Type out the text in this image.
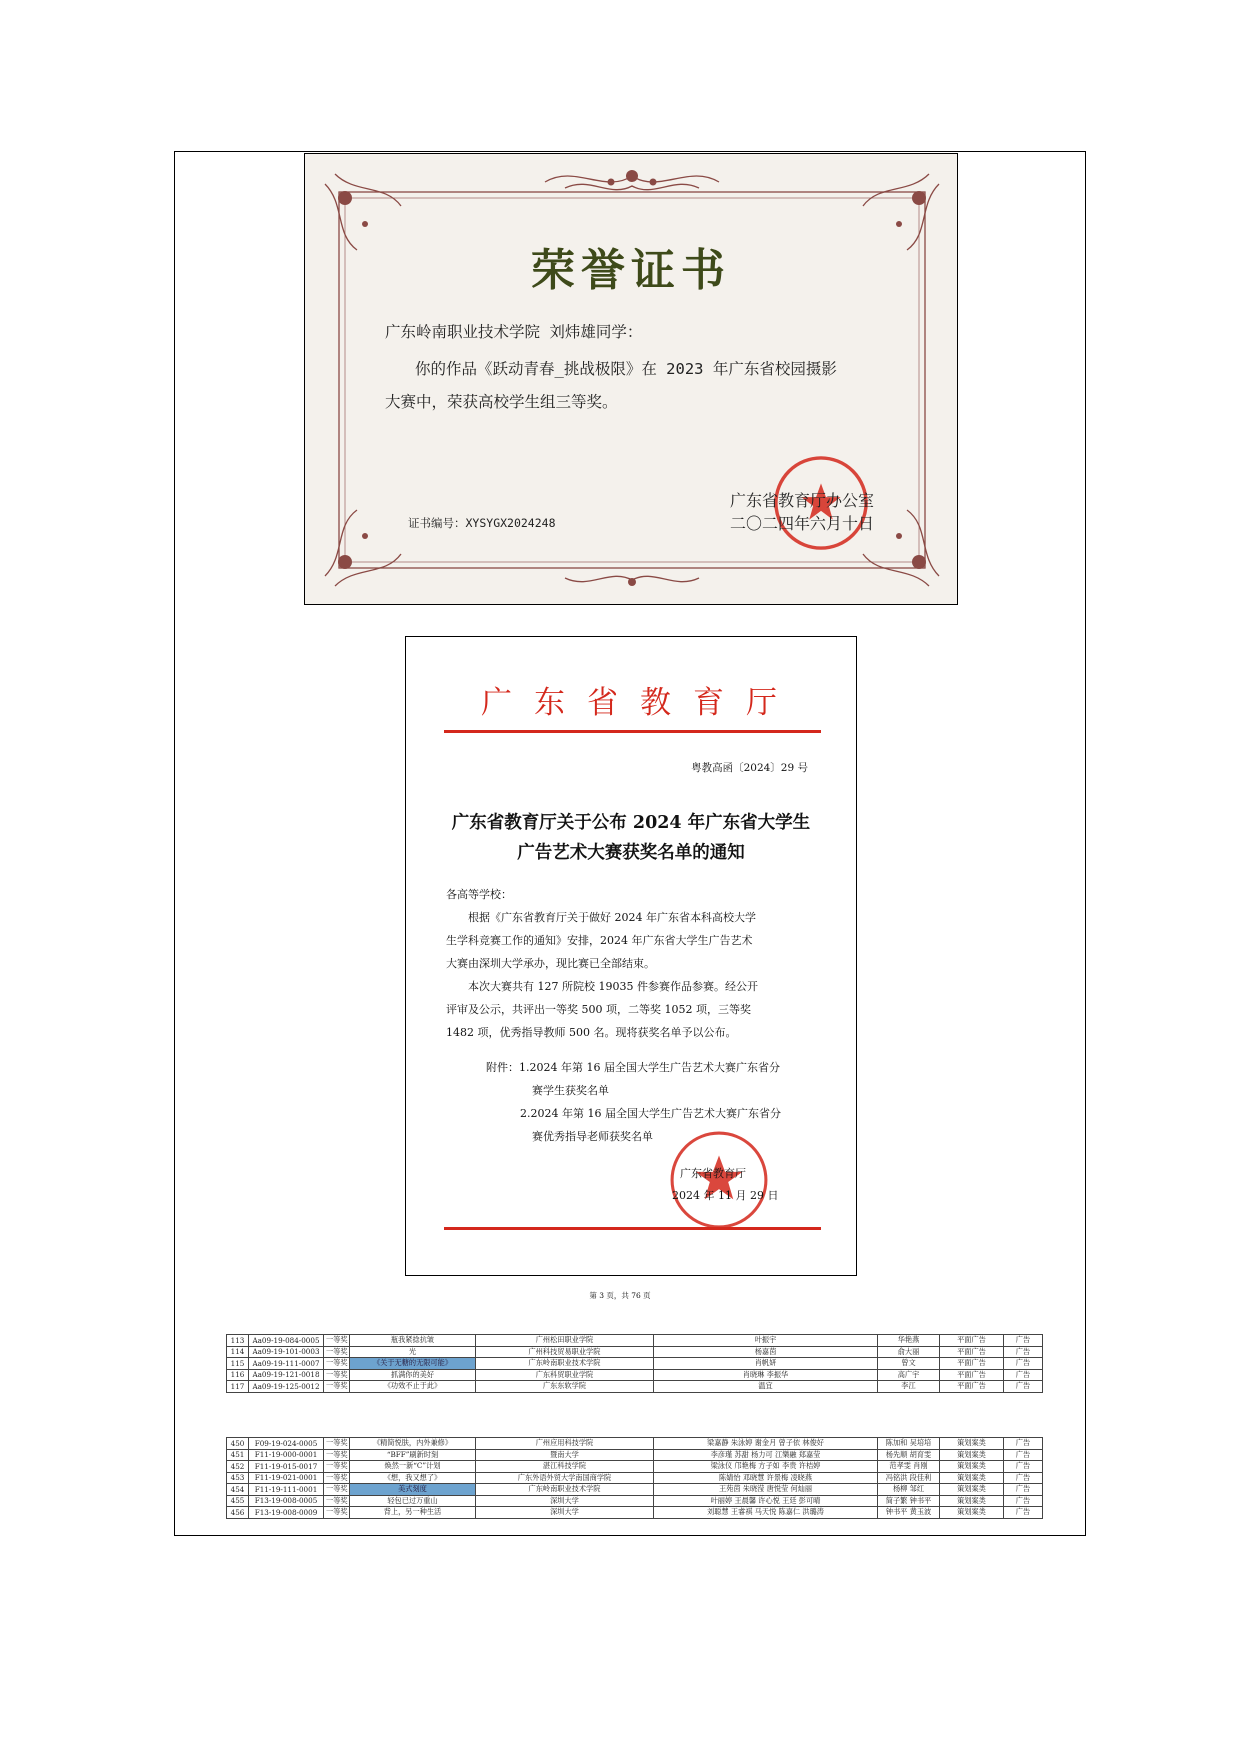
荣誉证书
广东岭南职业技术学院 刘炜雄同学：
你的作品《跃动青春_挑战极限》在 2023 年广东省校园摄影
大赛中，荣获高校学生组三等奖。
证书编号：XYSYGX2024248
广东省教育厅办公室
二〇二四年六月十日
广东省教育厅
粤教高函〔2024〕29 号
广东省教育厅关于公布 2024 年广东省大学生
广告艺术大赛获奖名单的通知
各高等学校：
根据《广东省教育厅关于做好 2024 年广东省本科高校大学
生学科竞赛工作的通知》安排，2024 年广东省大学生广告艺术
大赛由深圳大学承办，现比赛已全部结束。
本次大赛共有 127 所院校 19035 件参赛作品参赛。经公开
评审及公示，共评出一等奖 500 项，二等奖 1052 项，三等奖
1482 项，优秀指导教师 500 名。现将获奖名单予以公布。
附件：1.2024 年第 16 届全国大学生广告艺术大赛广东省分
赛学生获奖名单
2.2024 年第 16 届全国大学生广告艺术大赛广东省分
赛优秀指导老师获奖名单
广东省教育厅
2024 年 11 月 29 日
113	Aa09-19-084-0005	一等奖	瓶我紧捻抗皱	广州松田职业学院	叶振宇	华艳燕	平面广告	广告
114	Aa09-19-101-0003	一等奖	光	广州科技贸易职业学院	杨嘉茵	俞大丽	平面广告	广告
115	Aa09-19-111-0007	一等奖	《关于无糖的无限可能》	广东岭南职业技术学院	肖帆妍	曾文	平面广告	广告
116	Aa09-19-121-0018	一等奖	抓满你的美好	广东科贸职业学院	肖晓琳 李振华	高广宇	平面广告	广告
117	Aa09-19-125-0012	一等奖	《功效不止于此》	广东东软学院	温宜	李江	平面广告	广告
第 3 页，共 76 页
450	F09-19-024-0005	一等奖	《精简悦肤，内外兼修》	广州应用科技学院	梁嘉静 朱泳婷 谢金月 曾子依 林俊好	陈加和 吴培培	策划案类	广告
451	F11-19-000-0001	一等奖	“BFF”刷新时刻	暨南大学	李彦瑾 苏甜 杨力可 江樂融 郑嘉莹	杨先顺 胡育雯	策划案类	广告
452	F11-19-015-0017	一等奖	焕然一新“C”计划	湛江科技学院	梁泳仪 邝艳梅 方子如 李贵 许桔婷	范孝雯 肖刚	策划案类	广告
453	F11-19-021-0001	一等奖	《想，我又想了》	广东外语外贸大学南国商学院	陈婧怡 邓晓慧 许景梅 凌晓燕	冯铭洪 段佳利	策划案类	广告
454	F11-19-111-0001	一等奖	美式刻度	广东岭南职业技术学院	王苑茵 朱晓滢 唐悦莹 何灿丽	杨柳 邹红	策划案类	广告
455	F13-19-008-0005	一等奖	轻包已过万重山	深圳大学	叶丽婷 王晨馨 许心悦 王廷 彭可晴	简子繁 钟书平	策划案类	广告
456	F13-19-008-0009	一等奖	背上，另一种生活	深圳大学	刘聪慧 王睿祺 马天悦 陈嘉仁 洪璐涛	钟书平 黄玉波	策划案类	广告
